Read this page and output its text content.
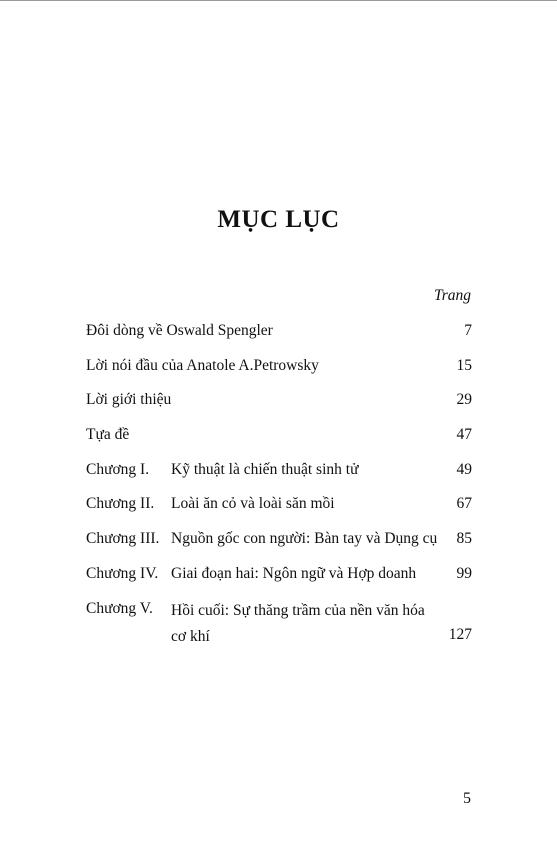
MỤC LỤC
Trang
Đôi dòng về Oswald Spengler	7
Lời nói đầu của Anatole A.Petrowsky	15
Lời giới thiệu	29
Tựa đề	47
Chương I. Kỹ thuật là chiến thuật sinh tử	49
Chương II. Loài ăn cỏ và loài săn mồi	67
Chương III. Nguồn gốc con người: Bàn tay và Dụng cụ 85
Chương IV. Giai đoạn hai: Ngôn ngữ và Hợp doanh	99
Chương V. Hồi cuối: Sự thăng trầm của nền văn hóa cơ khí	127
5
